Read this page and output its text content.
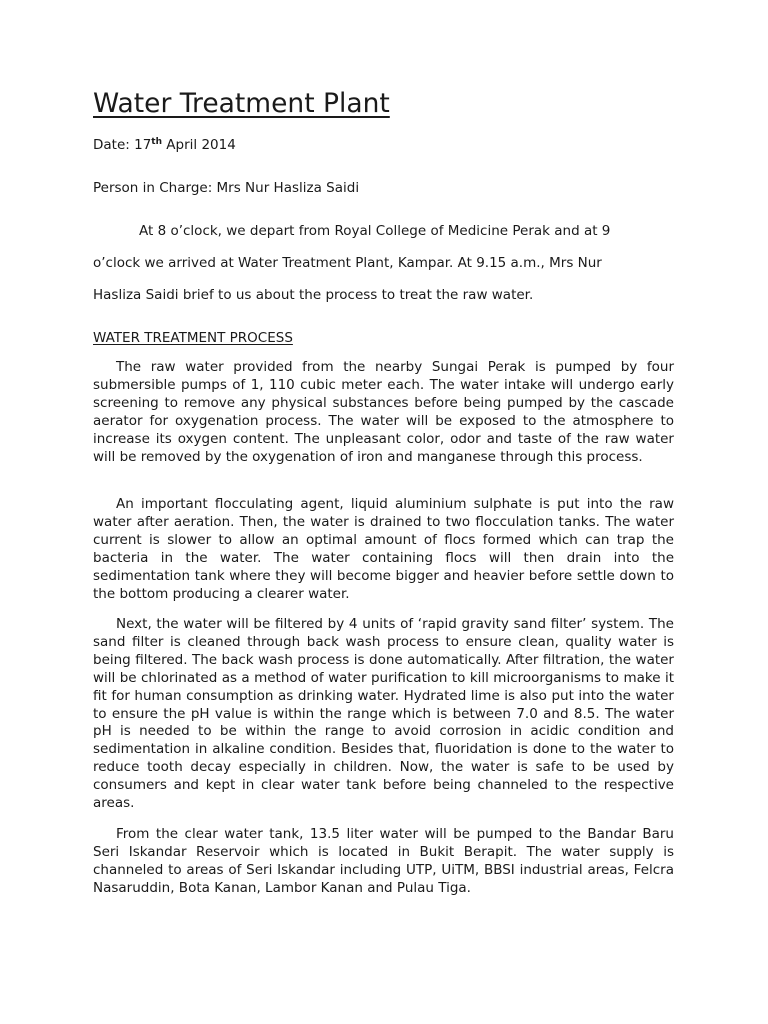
Water Treatment Plant

Date: 17th April 2014

Person in Charge: Mrs Nur Hasliza Saidi

At 8 o’clock, we depart from Royal College of Medicine Perak and at 9

o’clock we arrived at Water Treatment Plant, Kampar. At 9.15 a.m., Mrs Nur

Hasliza Saidi brief to us about the process to treat the raw water.

WATER TREATMENT PROCESS

The raw water provided from the nearby Sungai Perak is pumped by four submersible pumps of 1, 110 cubic meter each. The water intake will undergo early screening to remove any physical substances before being pumped by the cascade aerator for oxygenation process. The water will be exposed to the atmosphere to increase its oxygen content. The unpleasant color, odor and taste of the raw water will be removed by the oxygenation of iron and manganese through this process.

An important flocculating agent, liquid aluminium sulphate is put into the raw water after aeration. Then, the water is drained to two flocculation tanks. The water current is slower to allow an optimal amount of flocs formed which can trap the bacteria in the water. The water containing flocs will then drain into the sedimentation tank where they will become bigger and heavier before settle down to the bottom producing a clearer water.

Next, the water will be filtered by 4 units of ‘rapid gravity sand filter’ system. The sand filter is cleaned through back wash process to ensure clean, quality water is being filtered. The back wash process is done automatically. After filtration, the water will be chlorinated as a method of water purification to kill microorganisms to make it fit for human consumption as drinking water. Hydrated lime is also put into the water to ensure the pH value is within the range which is between 7.0 and 8.5. The water pH is needed to be within the range to avoid corrosion in acidic condition and sedimentation in alkaline condition. Besides that, fluoridation is done to the water to reduce tooth decay especially in children. Now, the water is safe to be used by consumers and kept in clear water tank before being channeled to the respective areas.

From the clear water tank, 13.5 liter water will be pumped to the Bandar Baru Seri Iskandar Reservoir which is located in Bukit Berapit. The water supply is channeled to areas of Seri Iskandar including UTP, UiTM, BBSI industrial areas, Felcra Nasaruddin, Bota Kanan, Lambor Kanan and Pulau Tiga.
